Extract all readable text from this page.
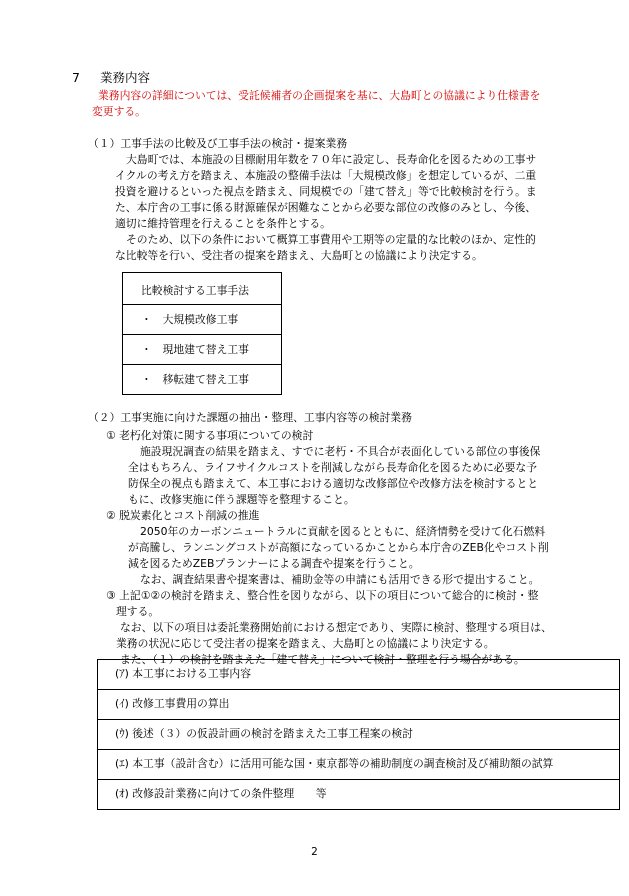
7 業務内容
業務内容の詳細については、受託候補者の企画提案を基に、大島町との協議により仕様書を
変更する。
（１）工事手法の比較及び工事手法の検討・提案業務
大島町では、本施設の目標耐用年数を７０年に設定し、長寿命化を図るための工事サ
イクルの考え方を踏まえ、本施設の整備手法は「大規模改修」を想定しているが、二重
投資を避けるといった視点を踏まえ、同規模での「建て替え」等で比較検討を行う。ま
た、本庁舎の工事に係る財源確保が困難なことから必要な部位の改修のみとし、今後、
適切に維持管理を行えることを条件とする。
そのため、以下の条件において概算工事費用や工期等の定量的な比較のほか、定性的
な比較等を行い、受注者の提案を踏まえ、大島町との協議により決定する。
比較検討する工事手法
・　大規模改修工事
・　現地建て替え工事
・　移転建て替え工事
（２）工事実施に向けた課題の抽出・整理、工事内容等の検討業務
① 老朽化対策に関する事項についての検討
施設現況調査の結果を踏まえ、すでに老朽・不具合が表面化している部位の事後保
全はもちろん、ライフサイクルコストを削減しながら長寿命化を図るために必要な予
防保全の視点も踏まえて、本工事における適切な改修部位や改修方法を検討するとと
もに、改修実施に伴う課題等を整理すること。
② 脱炭素化とコスト削減の推進
2050年のカーボンニュートラルに貢献を図るとともに、経済情勢を受けて化石燃料
が高騰し、ランニングコストが高額になっているかことから本庁舎のZEB化やコスト削
減を図るためZEBプランナーによる調査や提案を行うこと。
なお、調査結果書や提案書は、補助金等の申請にも活用できる形で提出すること。
③ 上記①②の検討を踏まえ、整合性を図りながら、以下の項目について総合的に検討・整
理する。
なお、以下の項目は委託業務開始前における想定であり、実際に検討、整理する項目は、
業務の状況に応じて受注者の提案を踏まえ、大島町との協議により決定する。
また、（１）の検討を踏まえた「建て替え」について検討・整理を行う場合がある。
(ｱ) 本工事における工事内容
(ｲ) 改修工事費用の算出
(ｳ) 後述（３）の仮設計画の検討を踏まえた工事工程案の検討
(ｴ) 本工事（設計含む）に活用可能な国・東京都等の補助制度の調査検討及び補助額の試算
(ｵ) 改修設計業務に向けての条件整理　　等
2
